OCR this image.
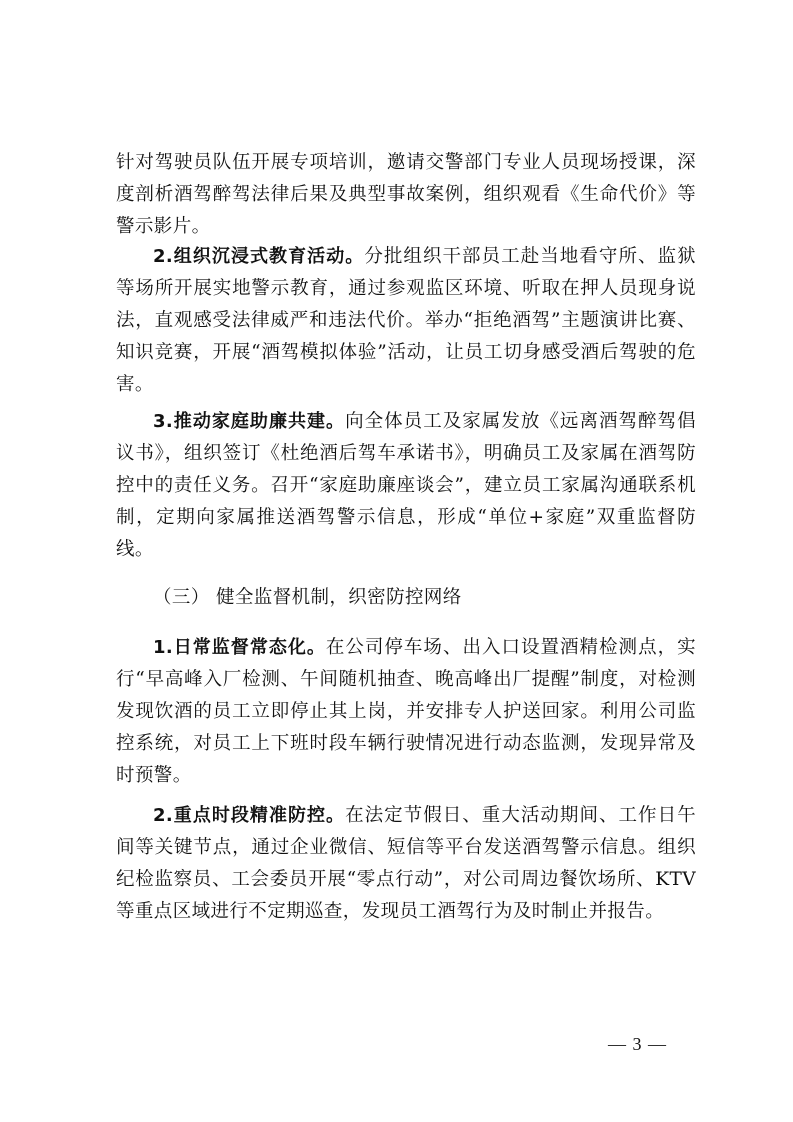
针对驾驶员队伍开展专项培训，邀请交警部门专业人员现场授课，深度剖析酒驾醉驾法律后果及典型事故案例，组织观看《生命代价》等警示影片。

2.组织沉浸式教育活动。分批组织干部员工赴当地看守所、监狱等场所开展实地警示教育，通过参观监区环境、听取在押人员现身说法，直观感受法律威严和违法代价。举办“拒绝酒驾”主题演讲比赛、知识竞赛，开展“酒驾模拟体验”活动，让员工切身感受酒后驾驶的危害。

3.推动家庭助廉共建。向全体员工及家属发放《远离酒驾醉驾倡议书》，组织签订《杜绝酒后驾车承诺书》，明确员工及家属在酒驾防控中的责任义务。召开“家庭助廉座谈会”，建立员工家属沟通联系机制，定期向家属推送酒驾警示信息，形成“单位+家庭”双重监督防线。

（三） 健全监督机制，织密防控网络

1.日常监督常态化。在公司停车场、出入口设置酒精检测点，实行“早高峰入厂检测、午间随机抽查、晚高峰出厂提醒”制度，对检测发现饮酒的员工立即停止其上岗，并安排专人护送回家。利用公司监控系统，对员工上下班时段车辆行驶情况进行动态监测，发现异常及时预警。

2.重点时段精准防控。在法定节假日、重大活动期间、工作日午间等关键节点，通过企业微信、短信等平台发送酒驾警示信息。组织纪检监察员、工会委员开展“零点行动”，对公司周边餐饮场所、KTV等重点区域进行不定期巡查，发现员工酒驾行为及时制止并报告。

— 3 —
